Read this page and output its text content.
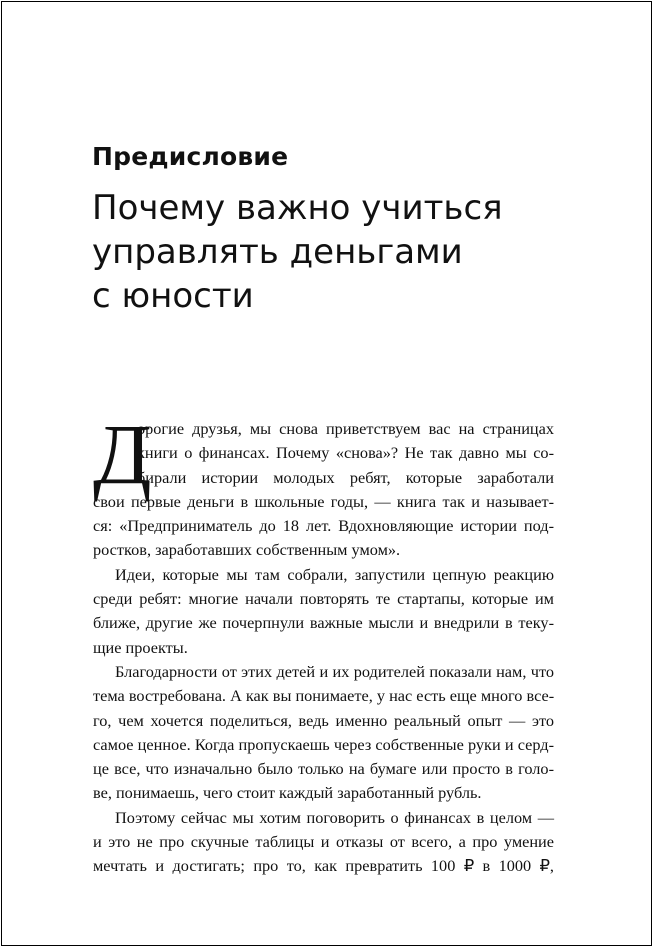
Предисловие
Почему важно учиться
управлять деньгами
с юности
Д
орогие друзья, мы снова приветствуем вас на страницах
книги о финансах. Почему «снова»? Не так давно мы со-
бирали истории молодых ребят, которые заработали
свои первые деньги в школьные годы, — книга так и называет-
ся: «Предприниматель до 18 лет. Вдохновляющие истории под-
ростков, заработавших собственным умом».
Идеи, которые мы там собрали, запустили цепную реакцию
среди ребят: многие начали повторять те стартапы, которые им
ближе, другие же почерпнули важные мысли и внедрили в теку-
щие проекты.
Благодарности от этих детей и их родителей показали нам, что
тема востребована. А как вы понимаете, у нас есть еще много все-
го, чем хочется поделиться, ведь именно реальный опыт — это
самое ценное. Когда пропускаешь через собственные руки и серд-
це все, что изначально было только на бумаге или просто в голо-
ве, понимаешь, чего стоит каждый заработанный рубль.
Поэтому сейчас мы хотим поговорить о финансах в целом —
и это не про скучные таблицы и отказы от всего, а про умение
мечтать и достигать; про то, как превратить 100 ₽ в 1000 ₽,
